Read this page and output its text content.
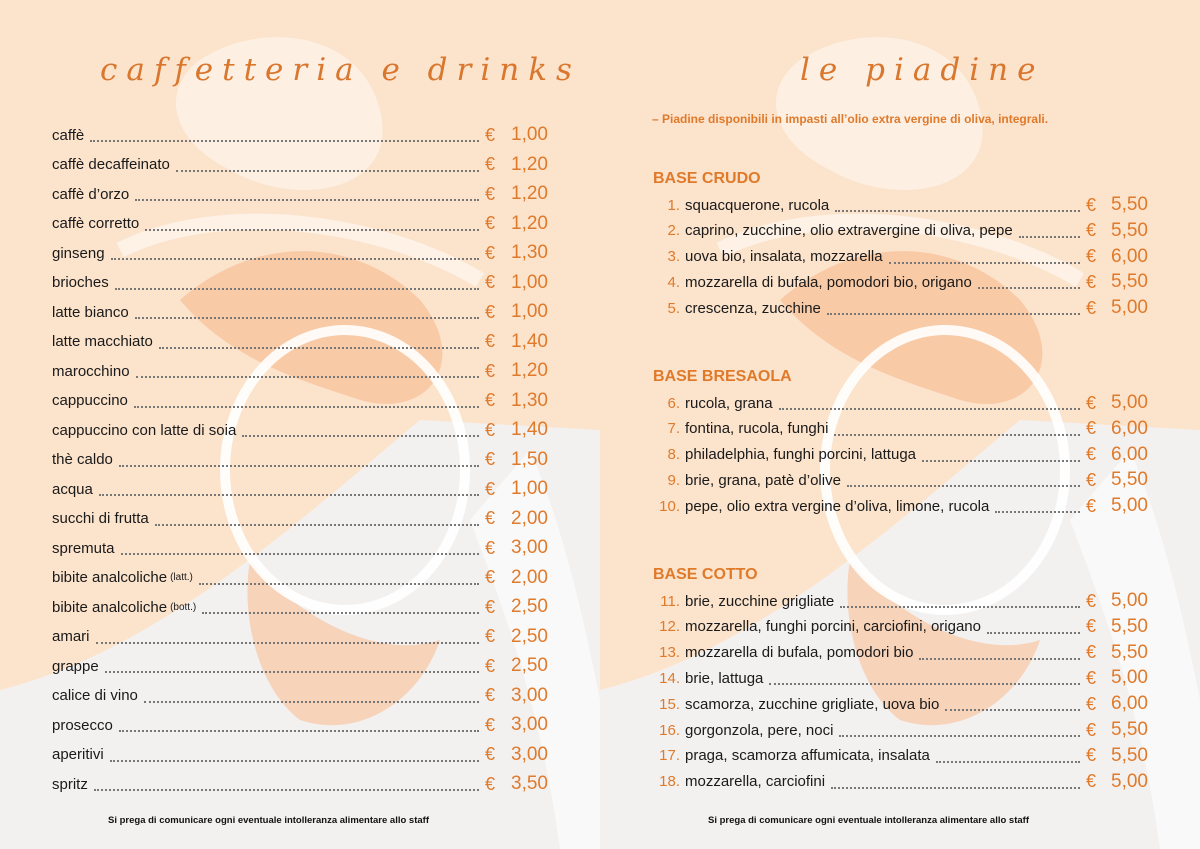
caffetteria e drinks
caffè	€ 1,00
caffè decaffeinato	€ 1,20
caffè d’orzo	€ 1,20
caffè corretto	€ 1,20
ginseng	€ 1,30
brioches	€ 1,00
latte bianco	€ 1,00
latte macchiato	€ 1,40
marocchino	€ 1,20
cappuccino	€ 1,30
cappuccino con latte di soia	€ 1,40
thè caldo	€ 1,50
acqua	€ 1,00
succhi di frutta	€ 2,00
spremuta	€ 3,00
bibite analcoliche (latt.)	€ 2,00
bibite analcoliche (bott.)	€ 2,50
amari	€ 2,50
grappe	€ 2,50
calice di vino	€ 3,00
prosecco	€ 3,00
aperitivi	€ 3,00
spritz	€ 3,50
Si prega di comunicare ogni eventuale intolleranza alimentare allo staff
le piadine
Si prega di comunicare ogni eventuale intolleranza alimentare allo staff
– Piadine disponibili in impasti all’olio extra vergine di oliva, integrali.
BASE CRUDO
1. squacquerone, rucola	€ 5,50
2. caprino, zucchine, olio extravergine di oliva, pepe	€ 5,50
3. uova bio, insalata, mozzarella	€ 6,00
4. mozzarella di bufala, pomodori bio, origano	€ 5,50
5. crescenza, zucchine	€ 5,00
BASE BRESAOLA
6. rucola, grana	€ 5,00
7. fontina, rucola, funghi	€ 6,00
8. philadelphia, funghi porcini, lattuga	€ 6,00
9. brie, grana, patè d’olive	€ 5,50
10. pepe, olio extra vergine d’oliva, limone, rucola	€ 5,00
BASE COTTO
11. brie, zucchine grigliate	€ 5,00
12. mozzarella, funghi porcini, carciofini, origano	€ 5,50
13. mozzarella di bufala, pomodori bio	€ 5,50
14. brie, lattuga	€ 5,00
15. scamorza, zucchine grigliate, uova bio	€ 6,00
16. gorgonzola, pere, noci	€ 5,50
17. praga, scamorza affumicata, insalata	€ 5,50
18. mozzarella, carciofini	€ 5,00
